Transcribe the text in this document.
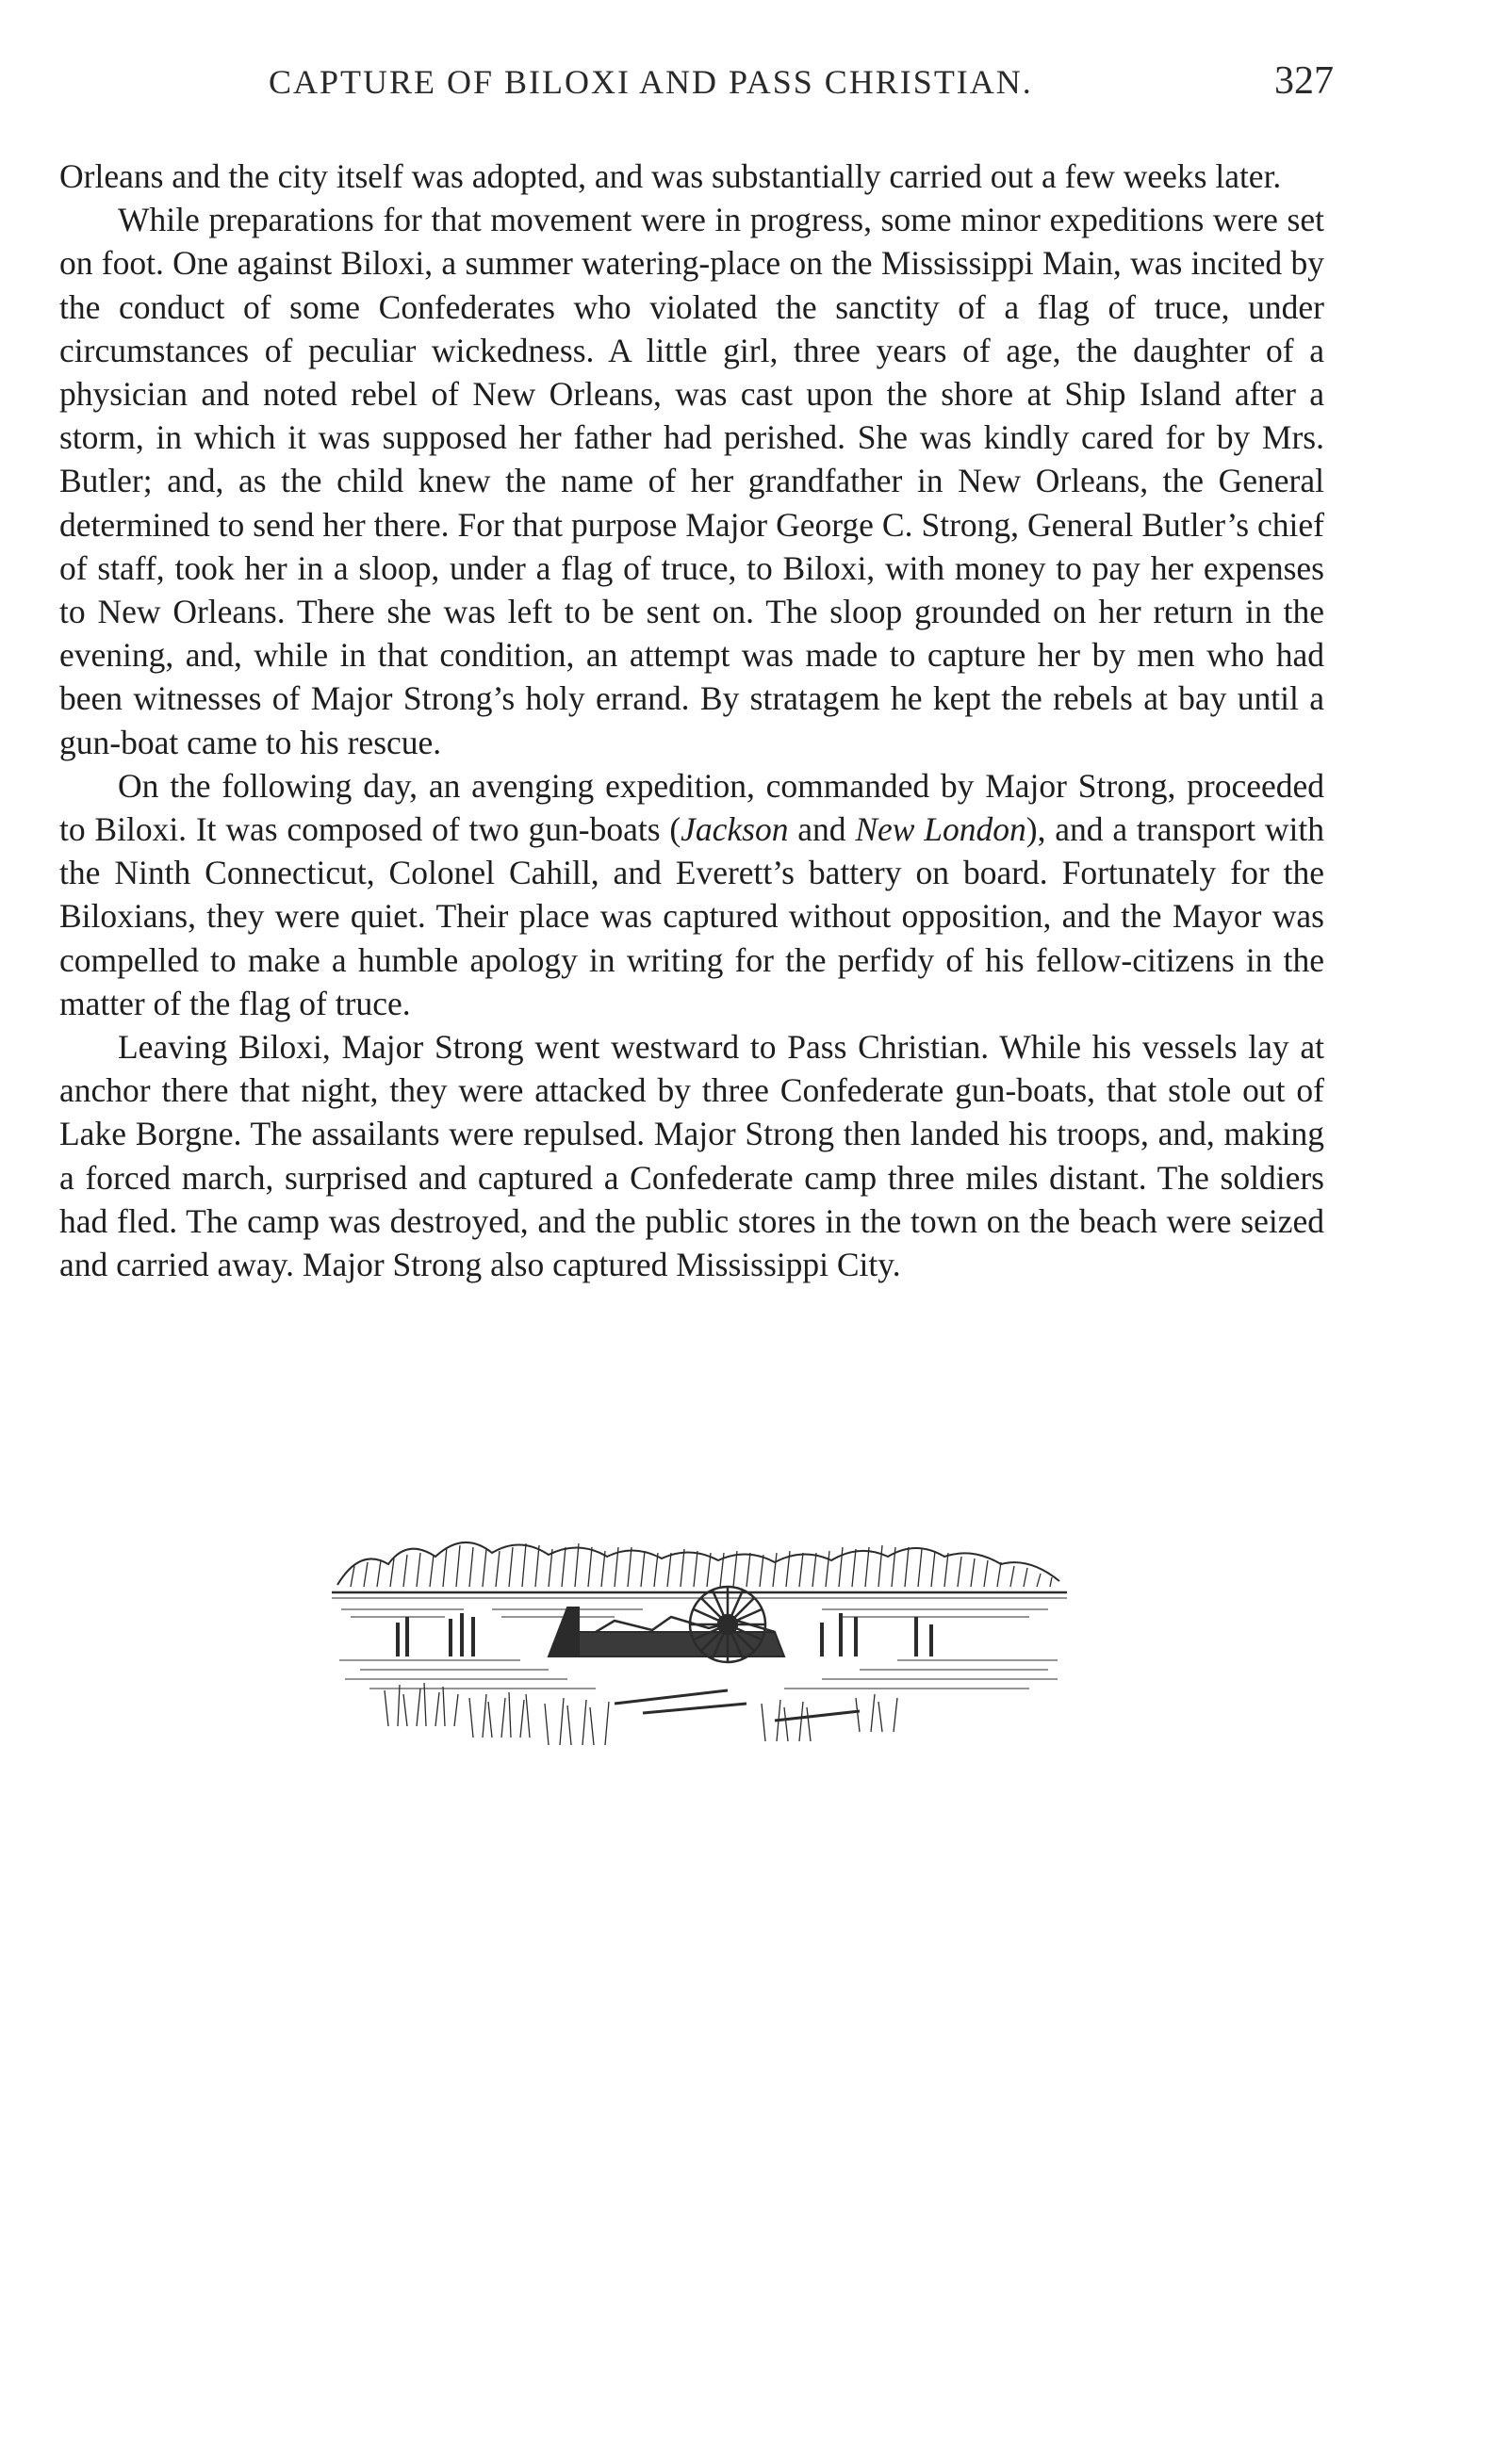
CAPTURE OF BILOXI AND PASS CHRISTIAN.	327

Orleans and the city itself was adopted, and was substantially carried out a few weeks later.

While preparations for that movement were in progress, some minor expeditions were set on foot. One against Biloxi, a summer watering-place on the Mississippi Main, was incited by the conduct of some Confederates who violated the sanctity of a flag of truce, under circumstances of peculiar wickedness. A little girl, three years of age, the daughter of a physician and noted rebel of New Orleans, was cast upon the shore at Ship Island after a storm, in which it was supposed her father had perished. She was kindly cared for by Mrs. Butler; and, as the child knew the name of her grandfather in New Orleans, the General determined to send her there. For that purpose Major George C. Strong, General Butler’s chief of staff, took her in a sloop, under a flag of truce, to Biloxi, with money to pay her expenses to New Orleans. There she was left to be sent on. The sloop grounded on her return in the evening, and, while in that condition, an attempt was made to capture her by men who had been witnesses of Major Strong’s holy errand. By stratagem he kept the rebels at bay until a gun-boat came to his rescue.

On the following day, an avenging expedition, commanded by Major Strong, proceeded to Biloxi. It was composed of two gun-boats (Jackson and New London), and a transport with the Ninth Connecticut, Colonel Cahill, and Everett’s battery on board. Fortunately for the Biloxians, they were quiet. Their place was captured without opposition, and the Mayor was compelled to make a humble apology in writing for the perfidy of his fellow-citizens in the matter of the flag of truce.

Leaving Biloxi, Major Strong went westward to Pass Christian. While his vessels lay at anchor there that night, they were attacked by three Confederate gun-boats, that stole out of Lake Borgne. The assailants were repulsed. Major Strong then landed his troops, and, making a forced march, surprised and captured a Confederate camp three miles distant. The soldiers had fled. The camp was destroyed, and the public stores in the town on the beach were seized and carried away. Major Strong also captured Mississippi City.
